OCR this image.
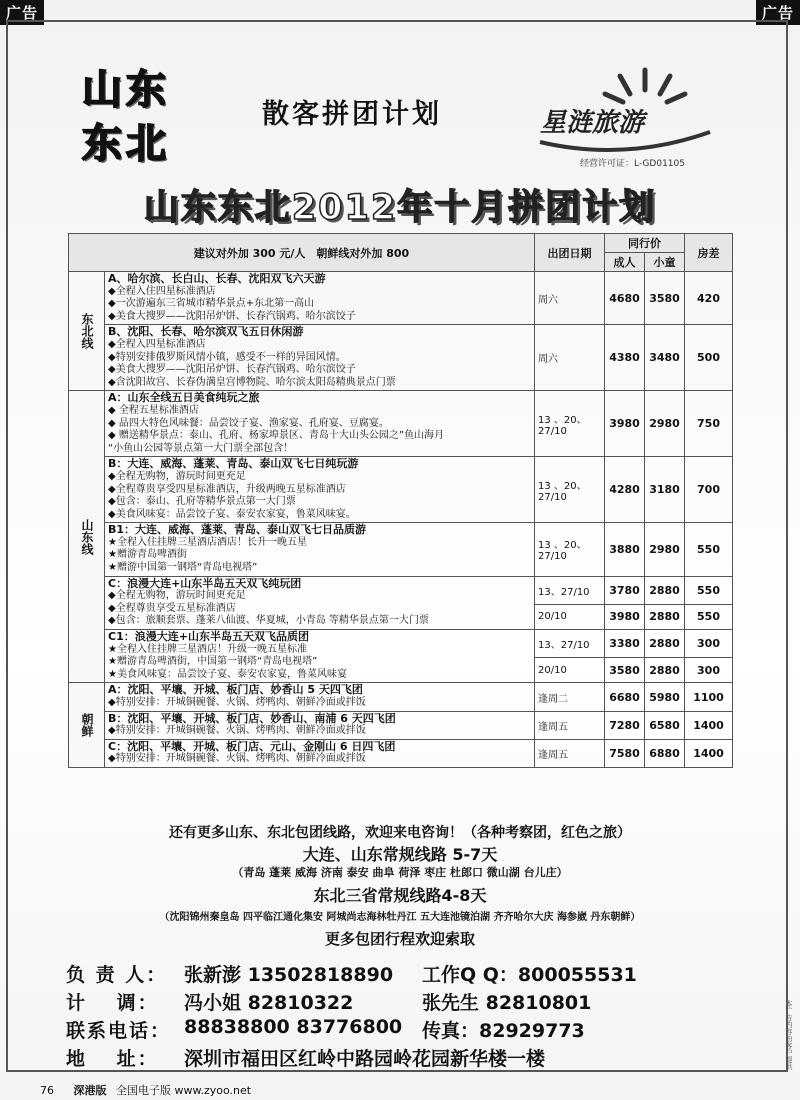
广告	广告
山东
东北
散客拼团计划	星涟旅游
经营许可证：L-GD01105
山东东北2012年十月拼团计划
建议对外加 300 元/人　朝鲜线对外加 800		出团日期	同行价		房差
			成人	小童	
东北线	A、哈尔滨、长白山、长春、沈阳双飞六天游
◆全程入住四星标准酒店
◆一次游遍东三省城市精华景点+东北第一高山
◆美食大搜罗——沈阳吊炉饼、长春汽锅鸡、哈尔滨饺子	周六	4680	3580	420

	B、沈阳、长春、哈尔滨双飞五日休闲游
◆全程入四星标准酒店
◆特别安排俄罗斯风情小镇，感受不一样的异国风情。
◆美食大搜罗——沈阳吊炉饼、长春汽锅鸡、哈尔滨饺子
◆含沈阳故宫、长春伪满皇宫博物院、哈尔滨太阳岛精典景点门票	周六	4380	3480	500
山东线	A：山东全线五日美食纯玩之旅
◆ 全程五星标准酒店
◆ 品四大特色风味餐：品尝饺子宴、渔家宴、孔府宴、豆腐宴。
◆ 赠送精华景点：泰山、孔府、杨家埠景区、青岛十大山头公园之”鱼山海月
“小鱼山公园等景点第一大门票全部包含！	13 、20、27/10	3980	2980	750

	B：大连、威海、蓬莱、青岛、泰山双飞七日纯玩游
◆全程无购物，游玩时间更充足
◆全程尊贵享受四星标准酒店，升级两晚五星标准酒店
◆包含：泰山、孔府等精华景点第一大门票
◆美食风味宴：品尝饺子宴、泰安农家宴，鲁菜风味宴。	13 、20、27/10	4280	3180	700

	B1：大连、威海、蓬莱、青岛、泰山双飞七日品质游
★全程入住挂牌三星酒店酒店！长升一晚五星
★赠游青岛啤酒街
★赠游中国第一钢塔“青岛电视塔”	13 、20、27/10	3880	2980	550

	C：浪漫大连+山东半岛五天双飞纯玩团
◆全程无购物，游玩时间更充足
◆全程尊贵享受五星标准酒店
◆包含：旅顺套票、蓬莱八仙渡、华夏城，小青岛 等精华景点第一大门票	13、27/10	3780	2880	550
		20/10	3980	2880	550

	C1：浪漫大连+山东半岛五天双飞品质团
★全程入住挂牌三星酒店！升级一晚五星标准
★赠游青岛啤酒街，中国第一钢塔“青岛电视塔”
★美食风味宴：品尝饺子宴、泰安农家宴，鲁菜风味宴	13、27/10	3380	2880	300
		20/10	3580	2880	300
朝鲜	A：沈阳、平壤、开城、板门店、妙香山 5 天四飞团
◆特别安排：开城铜碗餐、火锅、烤鸭肉、朝鲜冷面或拌饭	逢周二	6680	5980	1100

	B：沈阳、平壤、开城、板门店、妙香山、南浦 6 天四飞团
◆特别安排：开城铜碗餐、火锅、烤鸭肉、朝鲜冷面或拌饭	逢周五	7280	6580	1400

	C：沈阳、平壤、开城、板门店、元山、金刚山 6 日四飞团
◆特别安排：开城铜碗餐、火锅、烤鸭肉、朝鲜冷面或拌饭	逢周五	7580	6880	1400
还有更多山东、东北包团线路，欢迎来电咨询！（各种考察团，红色之旅）
大连、山东常规线路 5-7天
（青岛 蓬莱 威海 济南 泰安 曲阜 荷泽 枣庄 杜郎口 微山湖 台儿庄）
东北三省常规线路4-8天
（沈阳锦州秦皇岛 四平临江通化集安 阿城尚志海林牡丹江 五大连池镜泊湖 齐齐哈尔大庆 海参崴 丹东朝鲜）
更多包团行程欢迎索取
负 责 人： 张新澎 13502818890 工作Q Q：800055531
计　 调： 冯小姐 82810322	张先生 82810801
联系电话： 88838800 83776800 传真：82929773
地　 址： 深圳市福田区红岭中路园岭花园新华楼一楼
76 深港版 全国电子版 www.zyoo.net
本广告内容由客户提供
